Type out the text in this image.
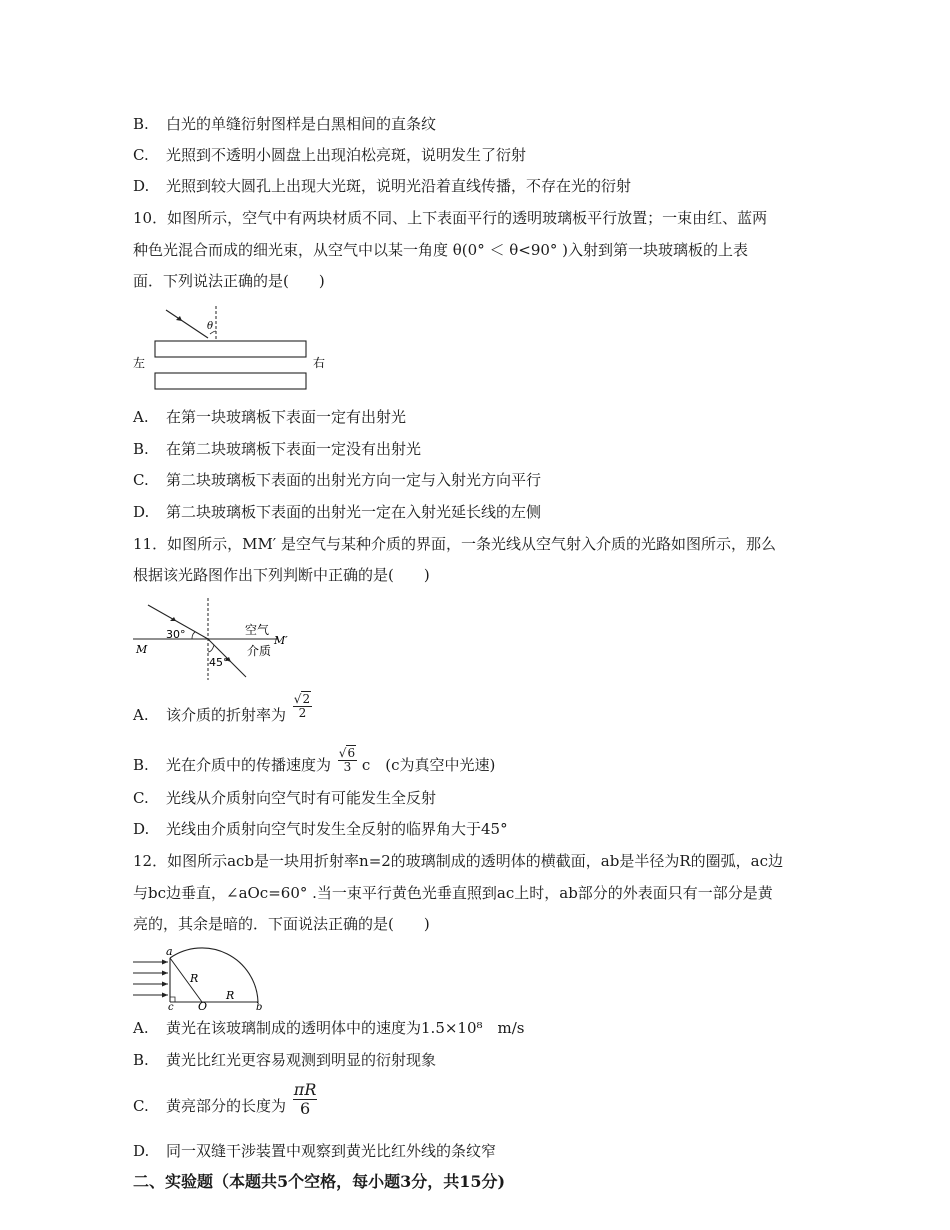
B. 白光的单缝衍射图样是白黑相间的直条纹
C. 光照到不透明小圆盘上出现泊松亮斑，说明发生了衍射
D. 光照到较大圆孔上出现大光斑，说明光沿着直线传播，不存在光的衍射
10．如图所示，空气中有两块材质不同、上下表面平行的透明玻璃板平行放置；一束由红、蓝两
种色光混合而成的细光束，从空气中以某一角度 θ(0° ＜ θ<90° )入射到第一块玻璃板的上表
面．下列说法正确的是(　　)
θ
左	右
A. 在第一块玻璃板下表面一定有出射光
B. 在第二块玻璃板下表面一定没有出射光
C. 第二块玻璃板下表面的出射光方向一定与入射光方向平行
D. 第二块玻璃板下表面的出射光一定在入射光延长线的左侧
11．如图所示，MM′ 是空气与某种介质的界面，一条光线从空气射入介质的光路如图所示，那么
根据该光路图作出下列判断中正确的是(　　)
30°
45°
空气
介质
M
M′
A. 该介质的折射率为 $\frac{√2}{2}$
B. 光在介质中的传播速度为 $\frac{√6}{3}$ c　(c为真空中光速)
C. 光线从介质射向空气时有可能发生全反射
D. 光线由介质射向空气时发生全反射的临界角大于45°
12．如图所示acb是一块用折射率n=2的玻璃制成的透明体的横截面，ab是半径为R的圈弧，ac边
与bc边垂直，∠aOc=60° .当一束平行黄色光垂直照到ac上时，ab部分的外表面只有一部分是黄
亮的，其余是暗的．下面说法正确的是(　　)
a
c O	b
R
R
A. 黄光在该玻璃制成的透明体中的速度为1.5×10⁸　m/s
B. 黄光比红光更容易观测到明显的衍射现象
C. 黄亮部分的长度为 $\frac{\pi R}{6}$
D. 同一双缝干涉装置中观察到黄光比红外线的条纹窄
二、实验题（本题共5个空格，每小题3分，共15分)
